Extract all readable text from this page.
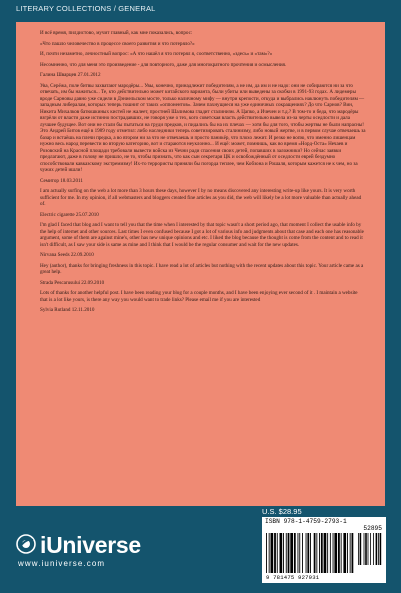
LITERARY COLLECTIONS / GENERAL

И всё время, пилдистово, мучит главный, как мне показались, вопрос:

«Что пашло человечество в процессе своего развития и что потеряло?»

И, почти незаметно, лечностный вопрос: «А что нашёл я что потерял я, соответственно, «здесь» и «там»?»

Несомненно, что для меня это произведение - для повторного, даже для многократного прочтения и осмысления.

Галина Шварцев 27.01.2012

Ува, Серёжа, поле битвы захватают мародёры... Увы, конечно, принадлежит победителям, а не им, да им и не надо: они не собираются ни за что отвечать, им бы нажиться... Те, кто действительно может китайского варианта, были убиты или выведены за скобки в 1991-93 годах. А лидемеры вроде Сарновы давно уже сидели в Дэниельском мосте, только наличному мифу — внутри крепости, откуда и выбрались наклюнуть победителям — западным либералам, которых теперь тошнит от таких «оппонентов». Зачем пахнущиеся на уже единичных сокращениях? До что Сарнов? Вин, Никита Михалков батюшкиных кистей не жалеет, простней Шалимова гладит сталинизм. А Цапко, а Ичечен и т.д.? В том-то и беда, что мародёры взгрёли от власти даже истинно пострадавших, не говоря уже о тех, кого советская власть действительно вывела из-за черты оседлости и дала лучшее будущее. Вот они не стали бы пытаться на груди предков, и пидались бы на их плечах — хотя бы для того, чтобы жертвы не были напрасны! Это Андрей Битов ещё в 1989 году отметил: либо наследники теперь советизировать сталинизму, либо новый жертве, и в первом случае отвечаешь за базар и встаёшь на плечи предка, а во втором ни за что не отвечаешь и просто паникёр, что плохо лежит. И резко не вопю, что именно лишенцам нужно весь народ перевести во вторую категорию, вот и стараются неуклонно... И ещё: может, помнишь, как во время «Норд-Оста» Нечаев и Розовский на Красной площади требовали вывести войска из Чечни ради спасения своих детей, попавших в заложники? Но сейчас заявки предлагают, даже в голову не пришло, не то, чтобы признать, что как сын секретаря ЦК и освобождённый от оседлости еврей бездумно способствовали кавказскому экстремизму! Их-то террористы приняли бы погорда теплее, чем Кобзона и Рошаля, которым кажется не к чем, но за чужих детей ишли!

Семитор 18.03.2011

I am actually surfing on the web a lot more than 3 hours these days, however I by no means discovered any interesting write-up like yours. It is very worth sufficient for me. In my opinion, if all webmasters and bloggers created fine articles as you did, the web will likely be a lot more valuable than actually ahead of.

Electric cigarette 25.07.2010

I'm glad I faced that blog and I want to tell you that the time when I interested by that topic wasn't a short period ago, that moment I collect the usable info by the help of internet and other sources. Last times I even confused because I got a lot of various info and judgments about that case and each one has reasonable argument, some of them are against mine's, other has new unique opinions and etc. I liked the blog because the thought is come from the content and to read it isn't difficult, as I saw your side is same as mine and I think that I would be the regular consumer and wait for the new updates.

Nirvana Seeds 22.09.2010

Hey (author), thanks for bringing freshness in this topic. I have read a lot of articles but nothing with the recent updates about this topic. Your article came as a great help.

Strada Pescarusului 22.09.2010

Lots of thanks for another helpful post. I have been reading your blog for a couple months, and I have been enjoying ever second of it . I maintain a website that is a lot like yours, is there any way you would want to trade links? Please email me if you are interested

Sylvia Rutland 12.11.2010

iUniverse
www.iuniverse.com
U.S. $28.95
ISBN 978-1-4759-2793-1
52895
9 781475 927931
